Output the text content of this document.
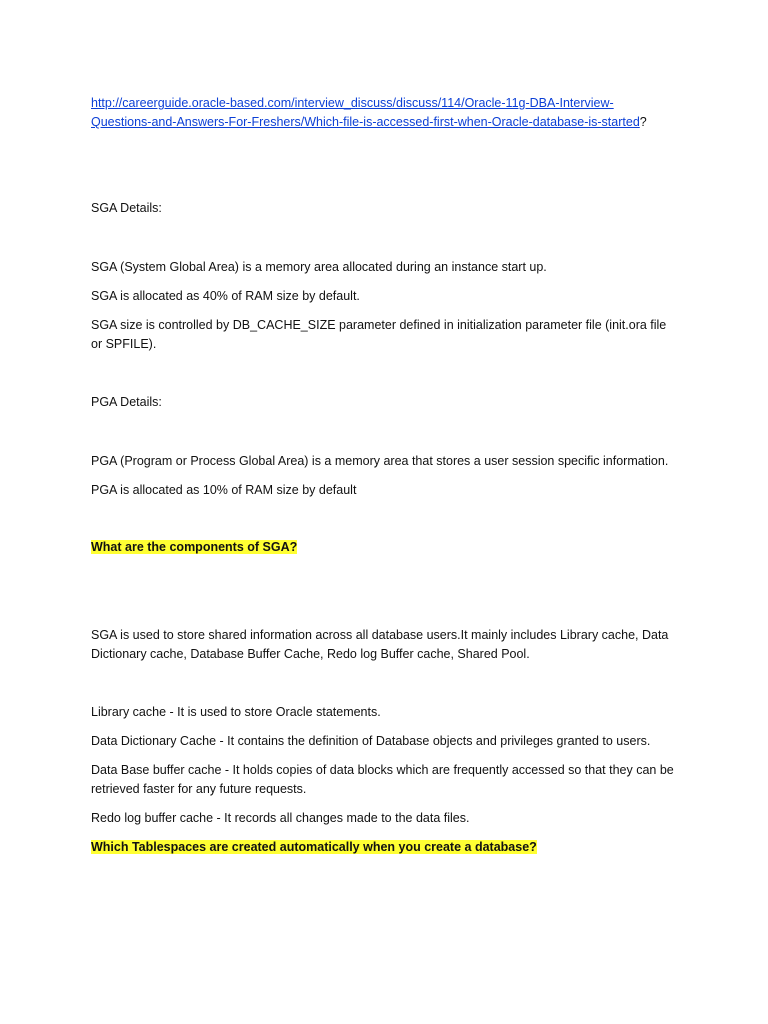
http://careerguide.oracle-based.com/interview_discuss/discuss/114/Oracle-11g-DBA-Interview-
Questions-and-Answers-For-Freshers/Which-file-is-accessed-first-when-Oracle-database-is-started?

SGA Details:

SGA (System Global Area) is a memory area allocated during an instance start up.

SGA is allocated as 40% of RAM size by default.

SGA size is controlled by DB_CACHE_SIZE parameter defined in initialization parameter file (init.ora file
or SPFILE).

PGA Details:

PGA (Program or Process Global Area) is a memory area that stores a user session specific information.

PGA is allocated as 10% of RAM size by default

What are the components of SGA?

SGA is used to store shared information across all database users.It mainly includes Library cache, Data
Dictionary cache, Database Buffer Cache, Redo log Buffer cache, Shared Pool.

Library cache - It is used to store Oracle statements.

Data Dictionary Cache - It contains the definition of Database objects and privileges granted to users.

Data Base buffer cache - It holds copies of data blocks which are frequently accessed so that they can be
retrieved faster for any future requests.

Redo log buffer cache - It records all changes made to the data files.

Which Tablespaces are created automatically when you create a database?
